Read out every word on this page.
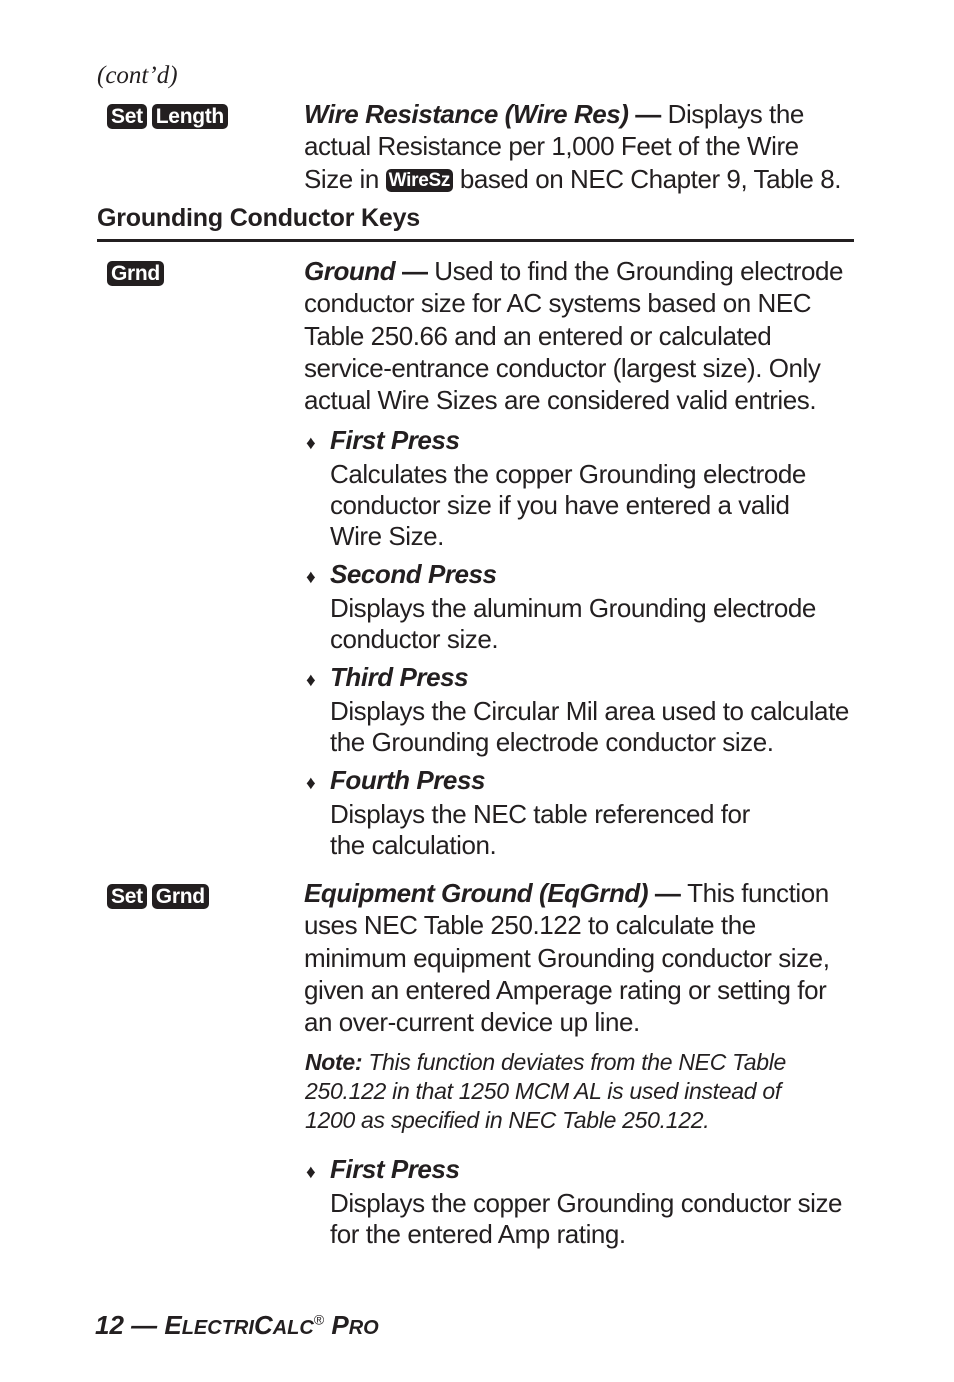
(cont’d)
Set Length	Wire Resistance (Wire Res) — Displays the actual Resistance per 1,000 Feet of the Wire Size in WireSz based on NEC Chapter 9, Table 8.
Grounding Conductor Keys
Grnd	Ground — Used to find the Grounding electrode conductor size for AC systems based on NEC Table 250.66 and an entered or calculated service-entrance conductor (largest size). Only actual Wire Sizes are considered valid entries.
♦ First Press
Calculates the copper Grounding electrode conductor size if you have entered a valid Wire Size.
♦ Second Press
Displays the aluminum Grounding electrode conductor size.
♦ Third Press
Displays the Circular Mil area used to calculate the Grounding electrode conductor size.
♦ Fourth Press
Displays the NEC table referenced for the calculation.
Set Grnd	Equipment Ground (EqGrnd) — This function uses NEC Table 250.122 to calculate the minimum equipment Grounding conductor size, given an entered Amperage rating or setting for an over-current device up line.
Note: This function deviates from the NEC Table 250.122 in that 1250 MCM AL is used instead of 1200 as specified in NEC Table 250.122.
♦ First Press
Displays the copper Grounding conductor size for the entered Amp rating.
12 — ELECTRICALC® PRO
